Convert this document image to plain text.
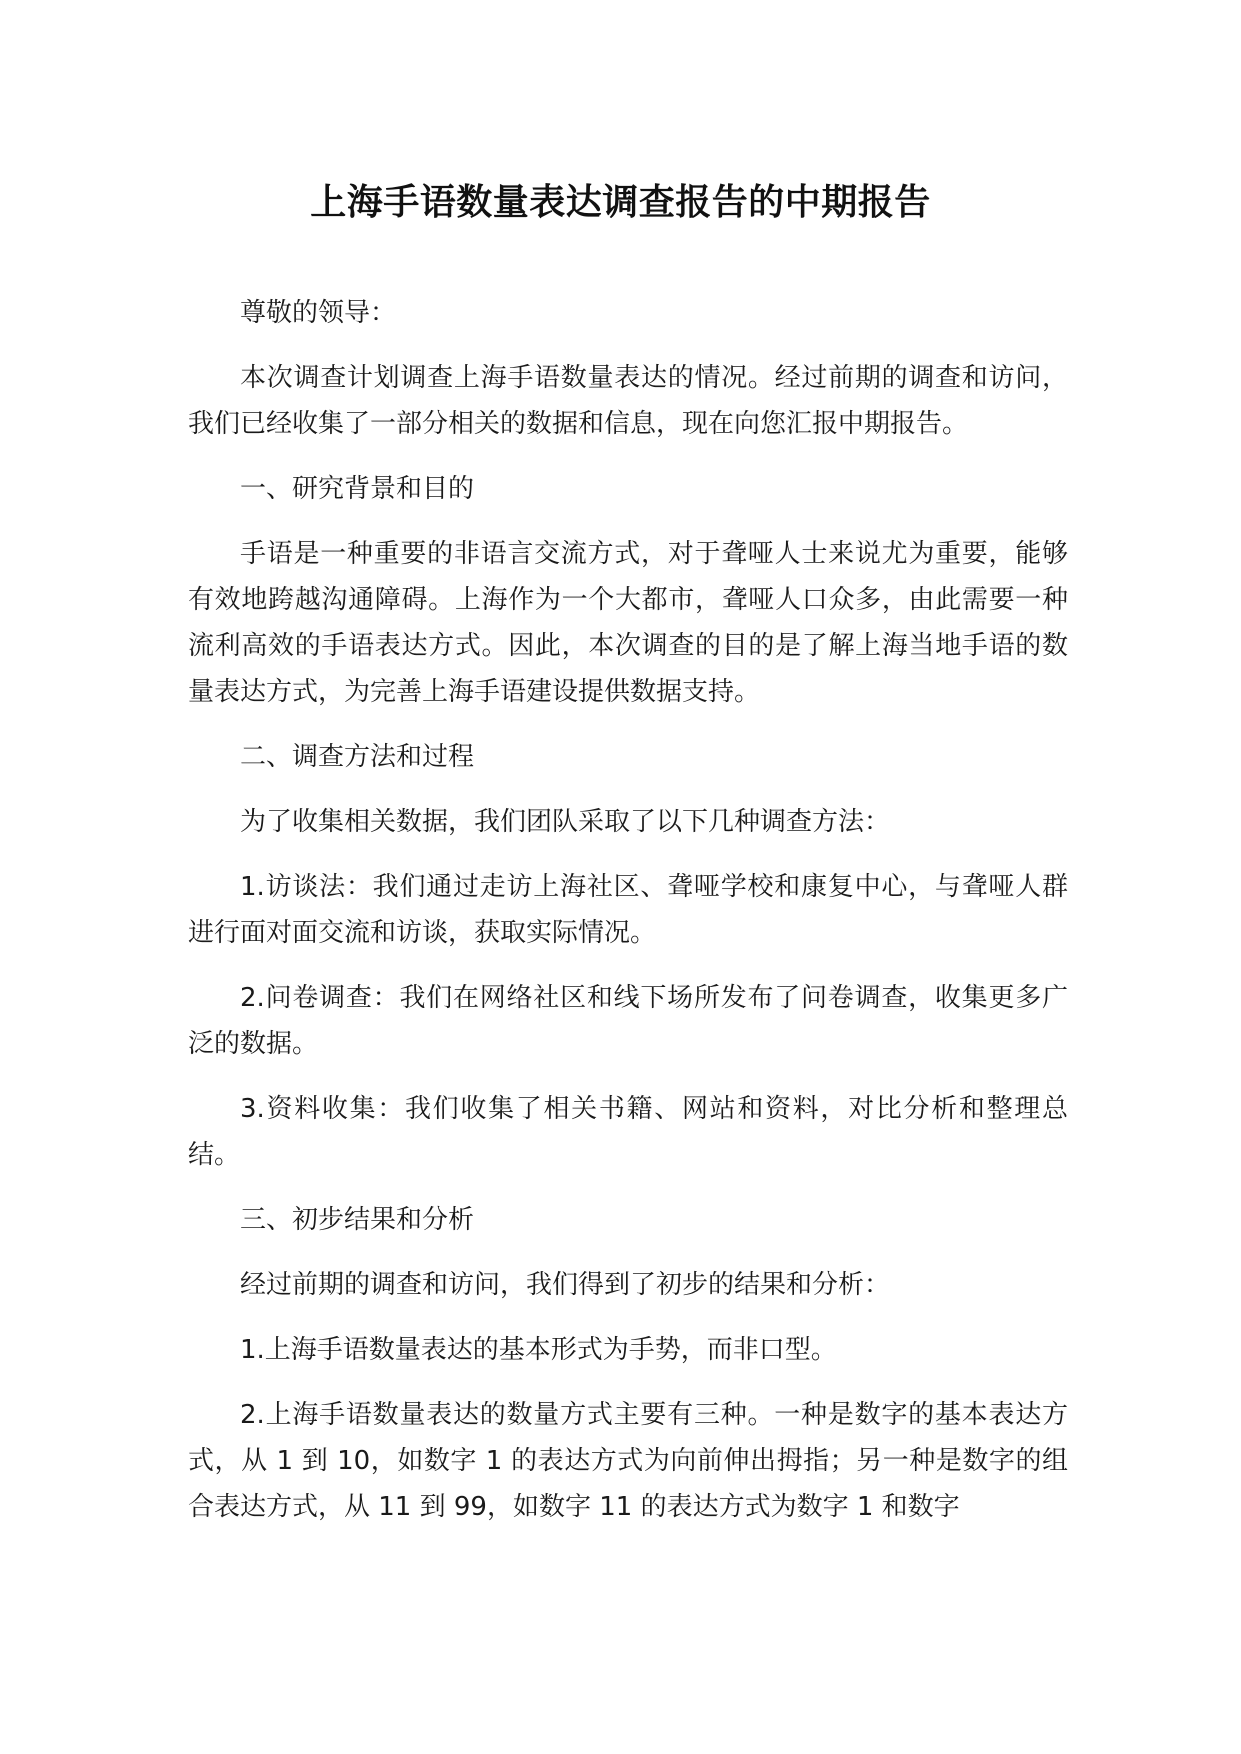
上海手语数量表达调查报告的中期报告

尊敬的领导：

本次调查计划调查上海手语数量表达的情况。经过前期的调查和访问，我们已经收集了一部分相关的数据和信息，现在向您汇报中期报告。

一、研究背景和目的

手语是一种重要的非语言交流方式，对于聋哑人士来说尤为重要，能够有效地跨越沟通障碍。上海作为一个大都市，聋哑人口众多，由此需要一种流利高效的手语表达方式。因此，本次调查的目的是了解上海当地手语的数量表达方式，为完善上海手语建设提供数据支持。

二、调查方法和过程

为了收集相关数据，我们团队采取了以下几种调查方法：

1.访谈法：我们通过走访上海社区、聋哑学校和康复中心，与聋哑人群进行面对面交流和访谈，获取实际情况。

2.问卷调查：我们在网络社区和线下场所发布了问卷调查，收集更多广泛的数据。

3.资料收集：我们收集了相关书籍、网站和资料，对比分析和整理总结。

三、初步结果和分析

经过前期的调查和访问，我们得到了初步的结果和分析：

1.上海手语数量表达的基本形式为手势，而非口型。

2.上海手语数量表达的数量方式主要有三种。一种是数字的基本表达方式，从 1 到 10，如数字 1 的表达方式为向前伸出拇指；另一种是数字的组合表达方式，从 11 到 99，如数字 11 的表达方式为数字 1 和数字
